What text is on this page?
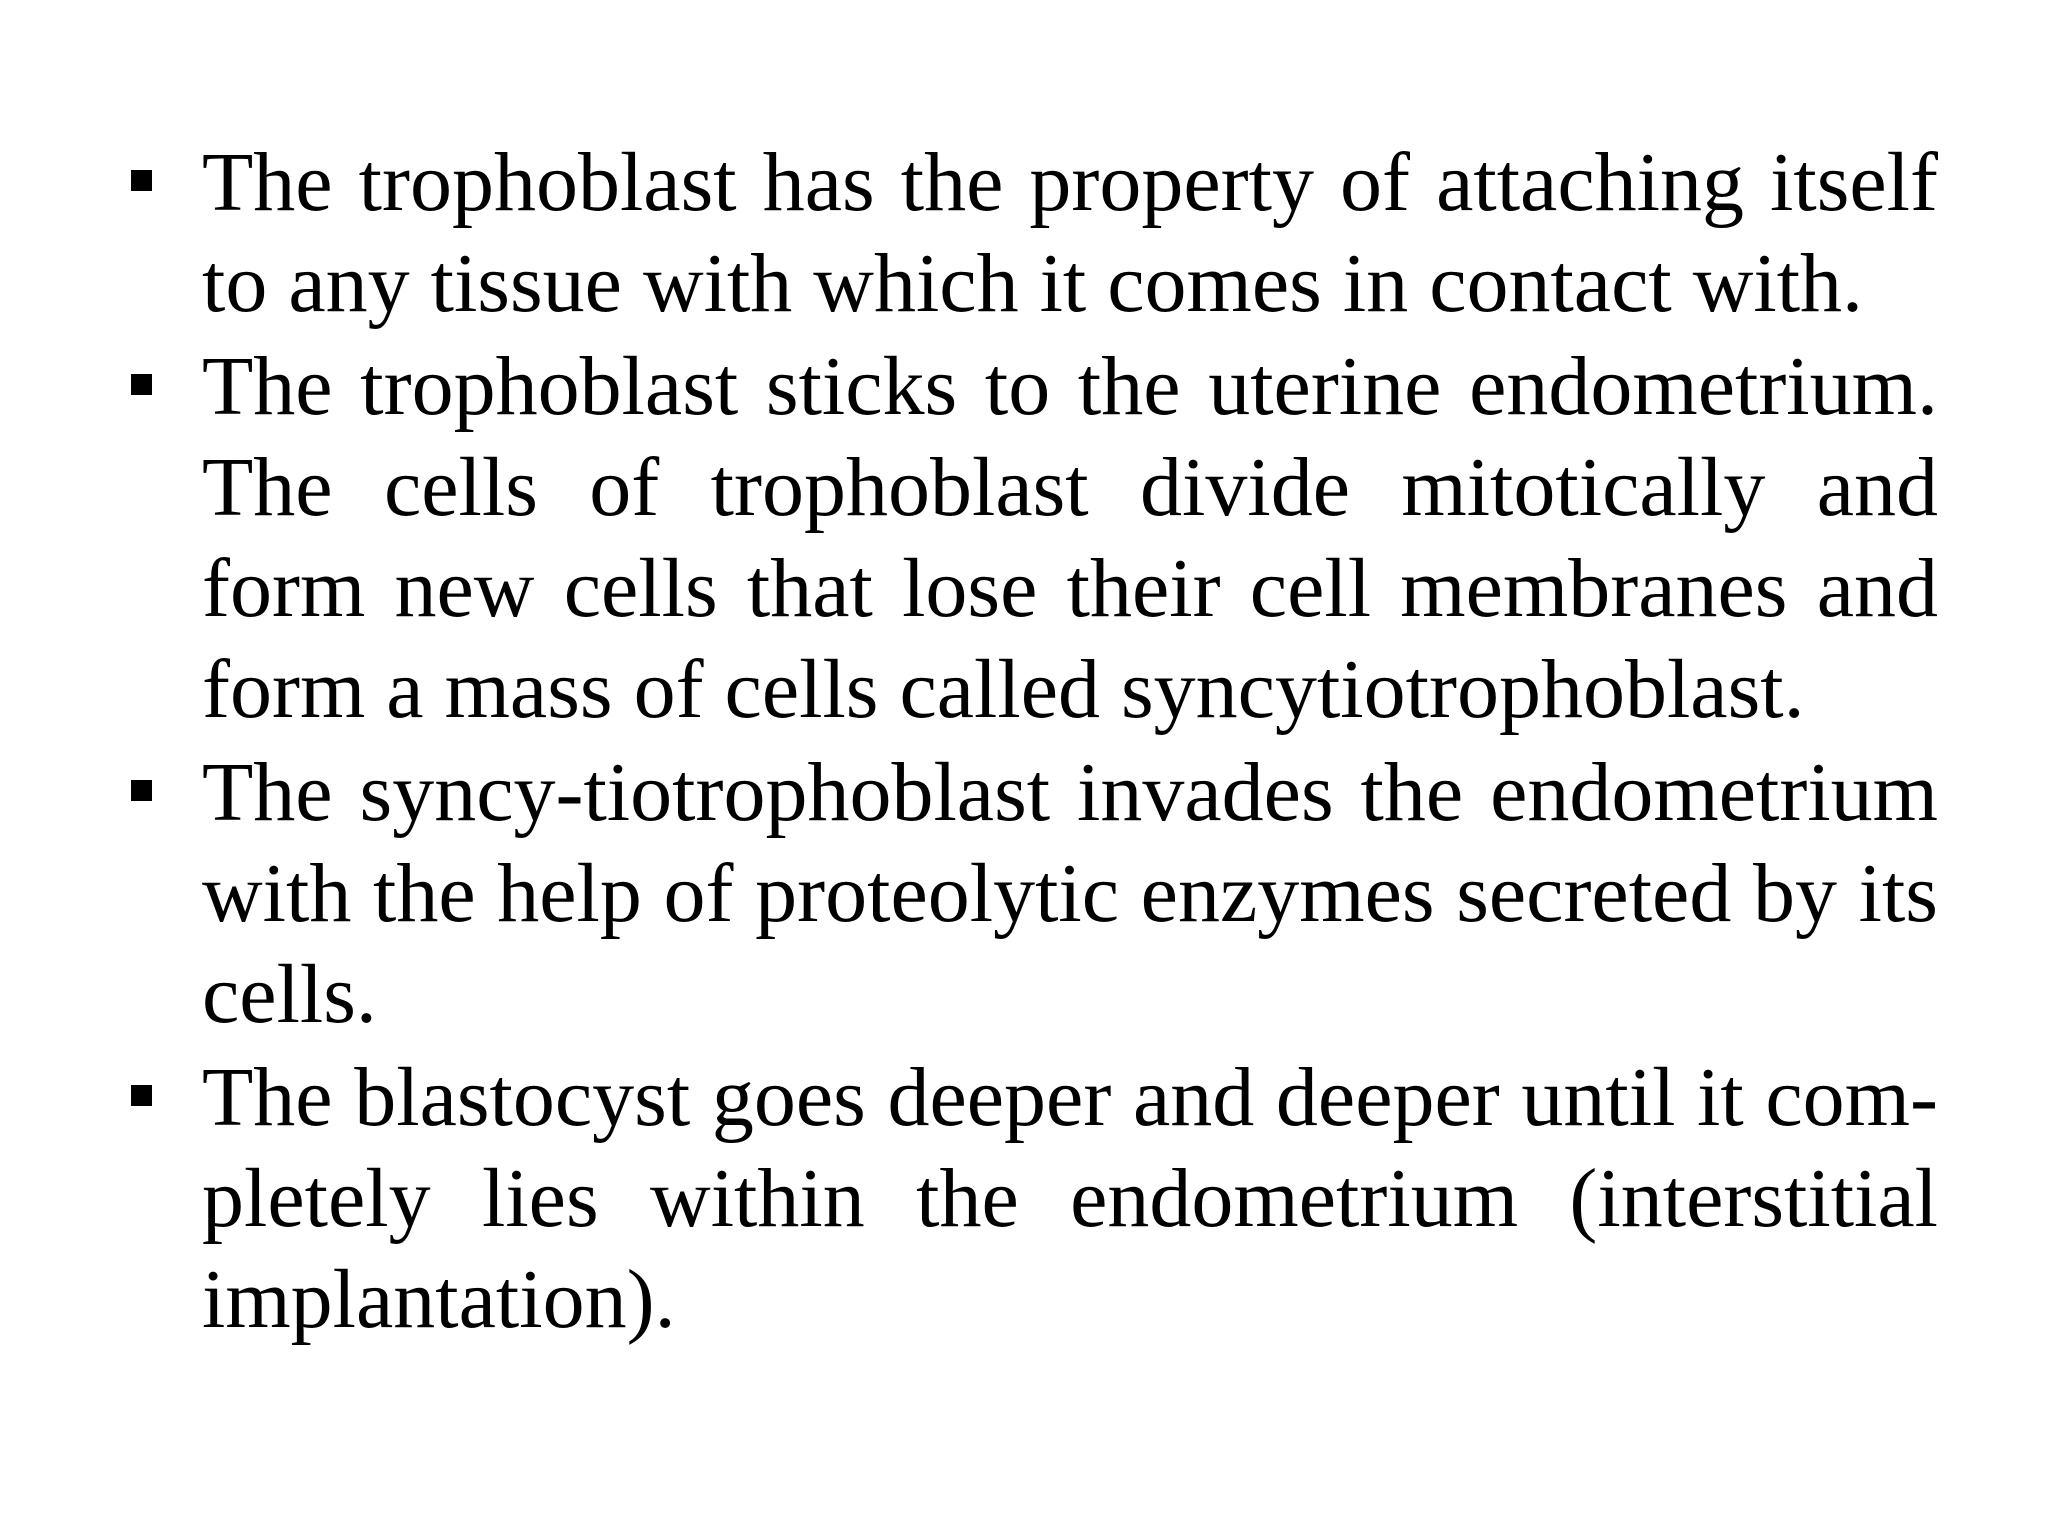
The trophoblast has the property of attaching itself to any tissue with which it comes in contact with.
The trophoblast sticks to the uterine endometrium. The cells of trophoblast divide mitotically and form new cells that lose their cell membranes and form a mass of cells called syncytiotrophoblast.
The syncy-tiotrophoblast invades the endometrium with the help of proteolytic enzymes secreted by its cells.
The blastocyst goes deeper and deeper until it com-pletely lies within the endometrium (interstitial implantation).
